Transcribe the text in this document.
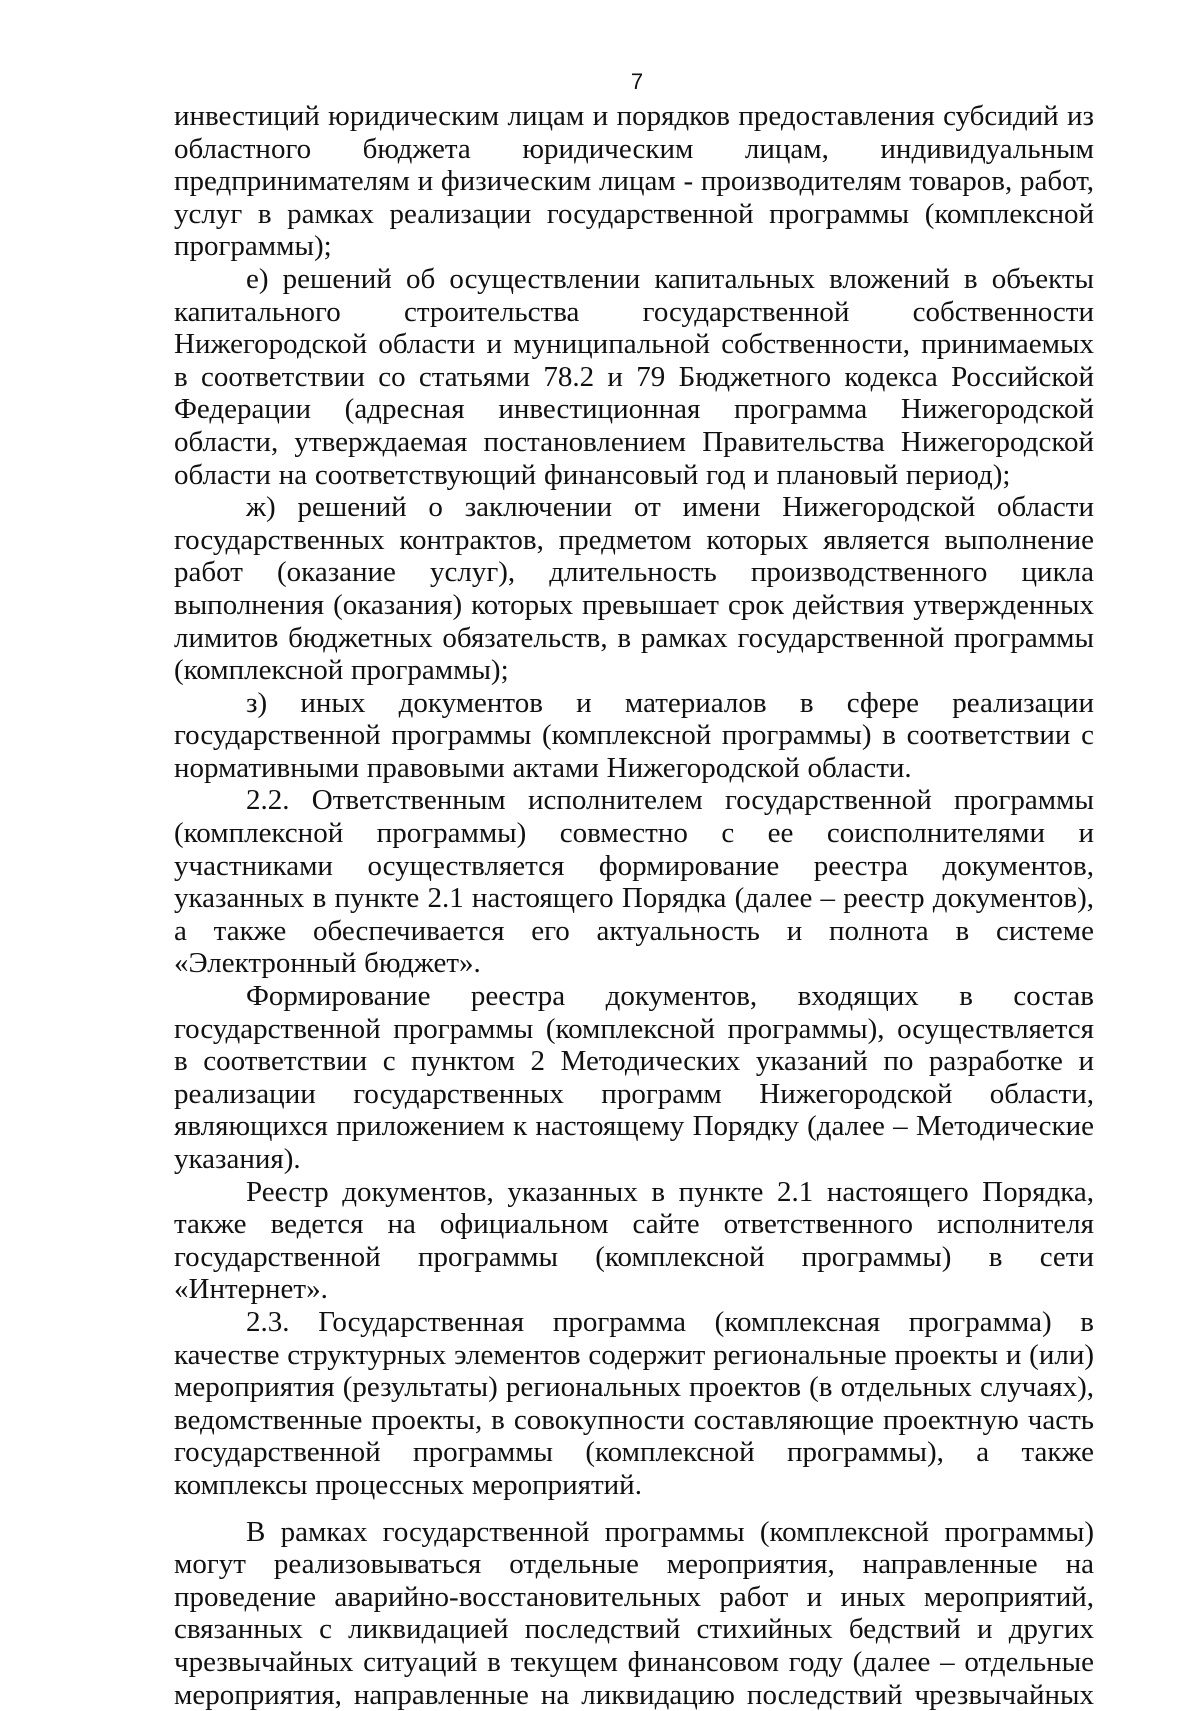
7

инвестиций юридическим лицам и порядков предоставления субсидий из областного бюджета юридическим лицам, индивидуальным предпринимателям и физическим лицам - производителям товаров, работ, услуг в рамках реализации государственной программы (комплексной программы);

е) решений об осуществлении капитальных вложений в объекты капитального строительства государственной собственности Нижегородской области и муниципальной собственности, принимаемых в соответствии со статьями 78.2 и 79 Бюджетного кодекса Российской Федерации (адресная инвестиционная программа Нижегородской области, утверждаемая постановлением Правительства Нижегородской области на соответствующий финансовый год и плановый период);

ж) решений о заключении от имени Нижегородской области государственных контрактов, предметом которых является выполнение работ (оказание услуг), длительность производственного цикла выполнения (оказания) которых превышает срок действия утвержденных лимитов бюджетных обязательств, в рамках государственной программы (комплексной программы);

з) иных документов и материалов в сфере реализации государственной программы (комплексной программы) в соответствии с нормативными правовыми актами Нижегородской области.

2.2. Ответственным исполнителем государственной программы (комплексной программы) совместно с ее соисполнителями и участниками осуществляется формирование реестра документов, указанных в пункте 2.1 настоящего Порядка (далее – реестр документов), а также обеспечивается его актуальность и полнота в системе «Электронный бюджет».

Формирование реестра документов, входящих в состав государственной программы (комплексной программы), осуществляется в соответствии с пунктом 2 Методических указаний по разработке и реализации государственных программ Нижегородской области, являющихся приложением к настоящему Порядку (далее – Методические указания).

Реестр документов, указанных в пункте 2.1 настоящего Порядка, также ведется на официальном сайте ответственного исполнителя государственной программы (комплексной программы) в сети «Интернет».

2.3. Государственная программа (комплексная программа) в качестве структурных элементов содержит региональные проекты и (или) мероприятия (результаты) региональных проектов (в отдельных случаях), ведомственные проекты, в совокупности составляющие проектную часть государственной программы (комплексной программы), а также комплексы процессных мероприятий.

В рамках государственной программы (комплексной программы) могут реализовываться отдельные мероприятия, направленные на проведение аварийно-восстановительных работ и иных мероприятий, связанных с ликвидацией последствий стихийных бедствий и других чрезвычайных ситуаций в текущем финансовом году (далее – отдельные мероприятия, направленные на ликвидацию последствий чрезвычайных
